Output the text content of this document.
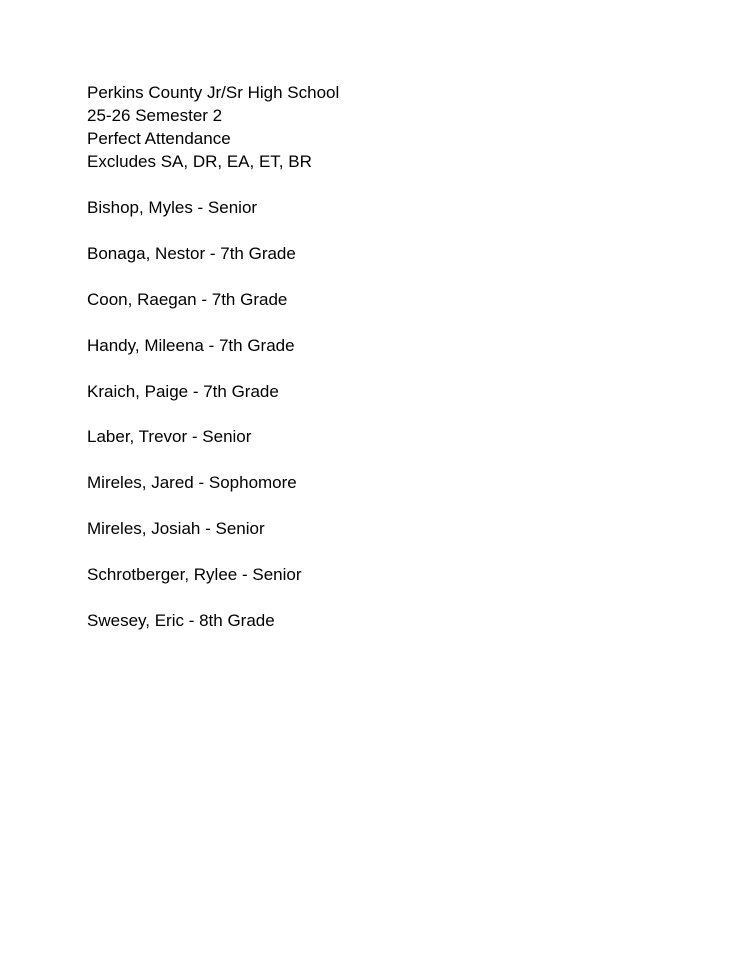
Perkins County Jr/Sr High School
25-26 Semester 2
Perfect Attendance
Excludes SA, DR, EA, ET, BR
Bishop, Myles - Senior
Bonaga, Nestor - 7th Grade
Coon, Raegan - 7th Grade
Handy, Mileena - 7th Grade
Kraich, Paige - 7th Grade
Laber, Trevor - Senior
Mireles, Jared - Sophomore
Mireles, Josiah - Senior
Schrotberger, Rylee - Senior
Swesey, Eric - 8th Grade
